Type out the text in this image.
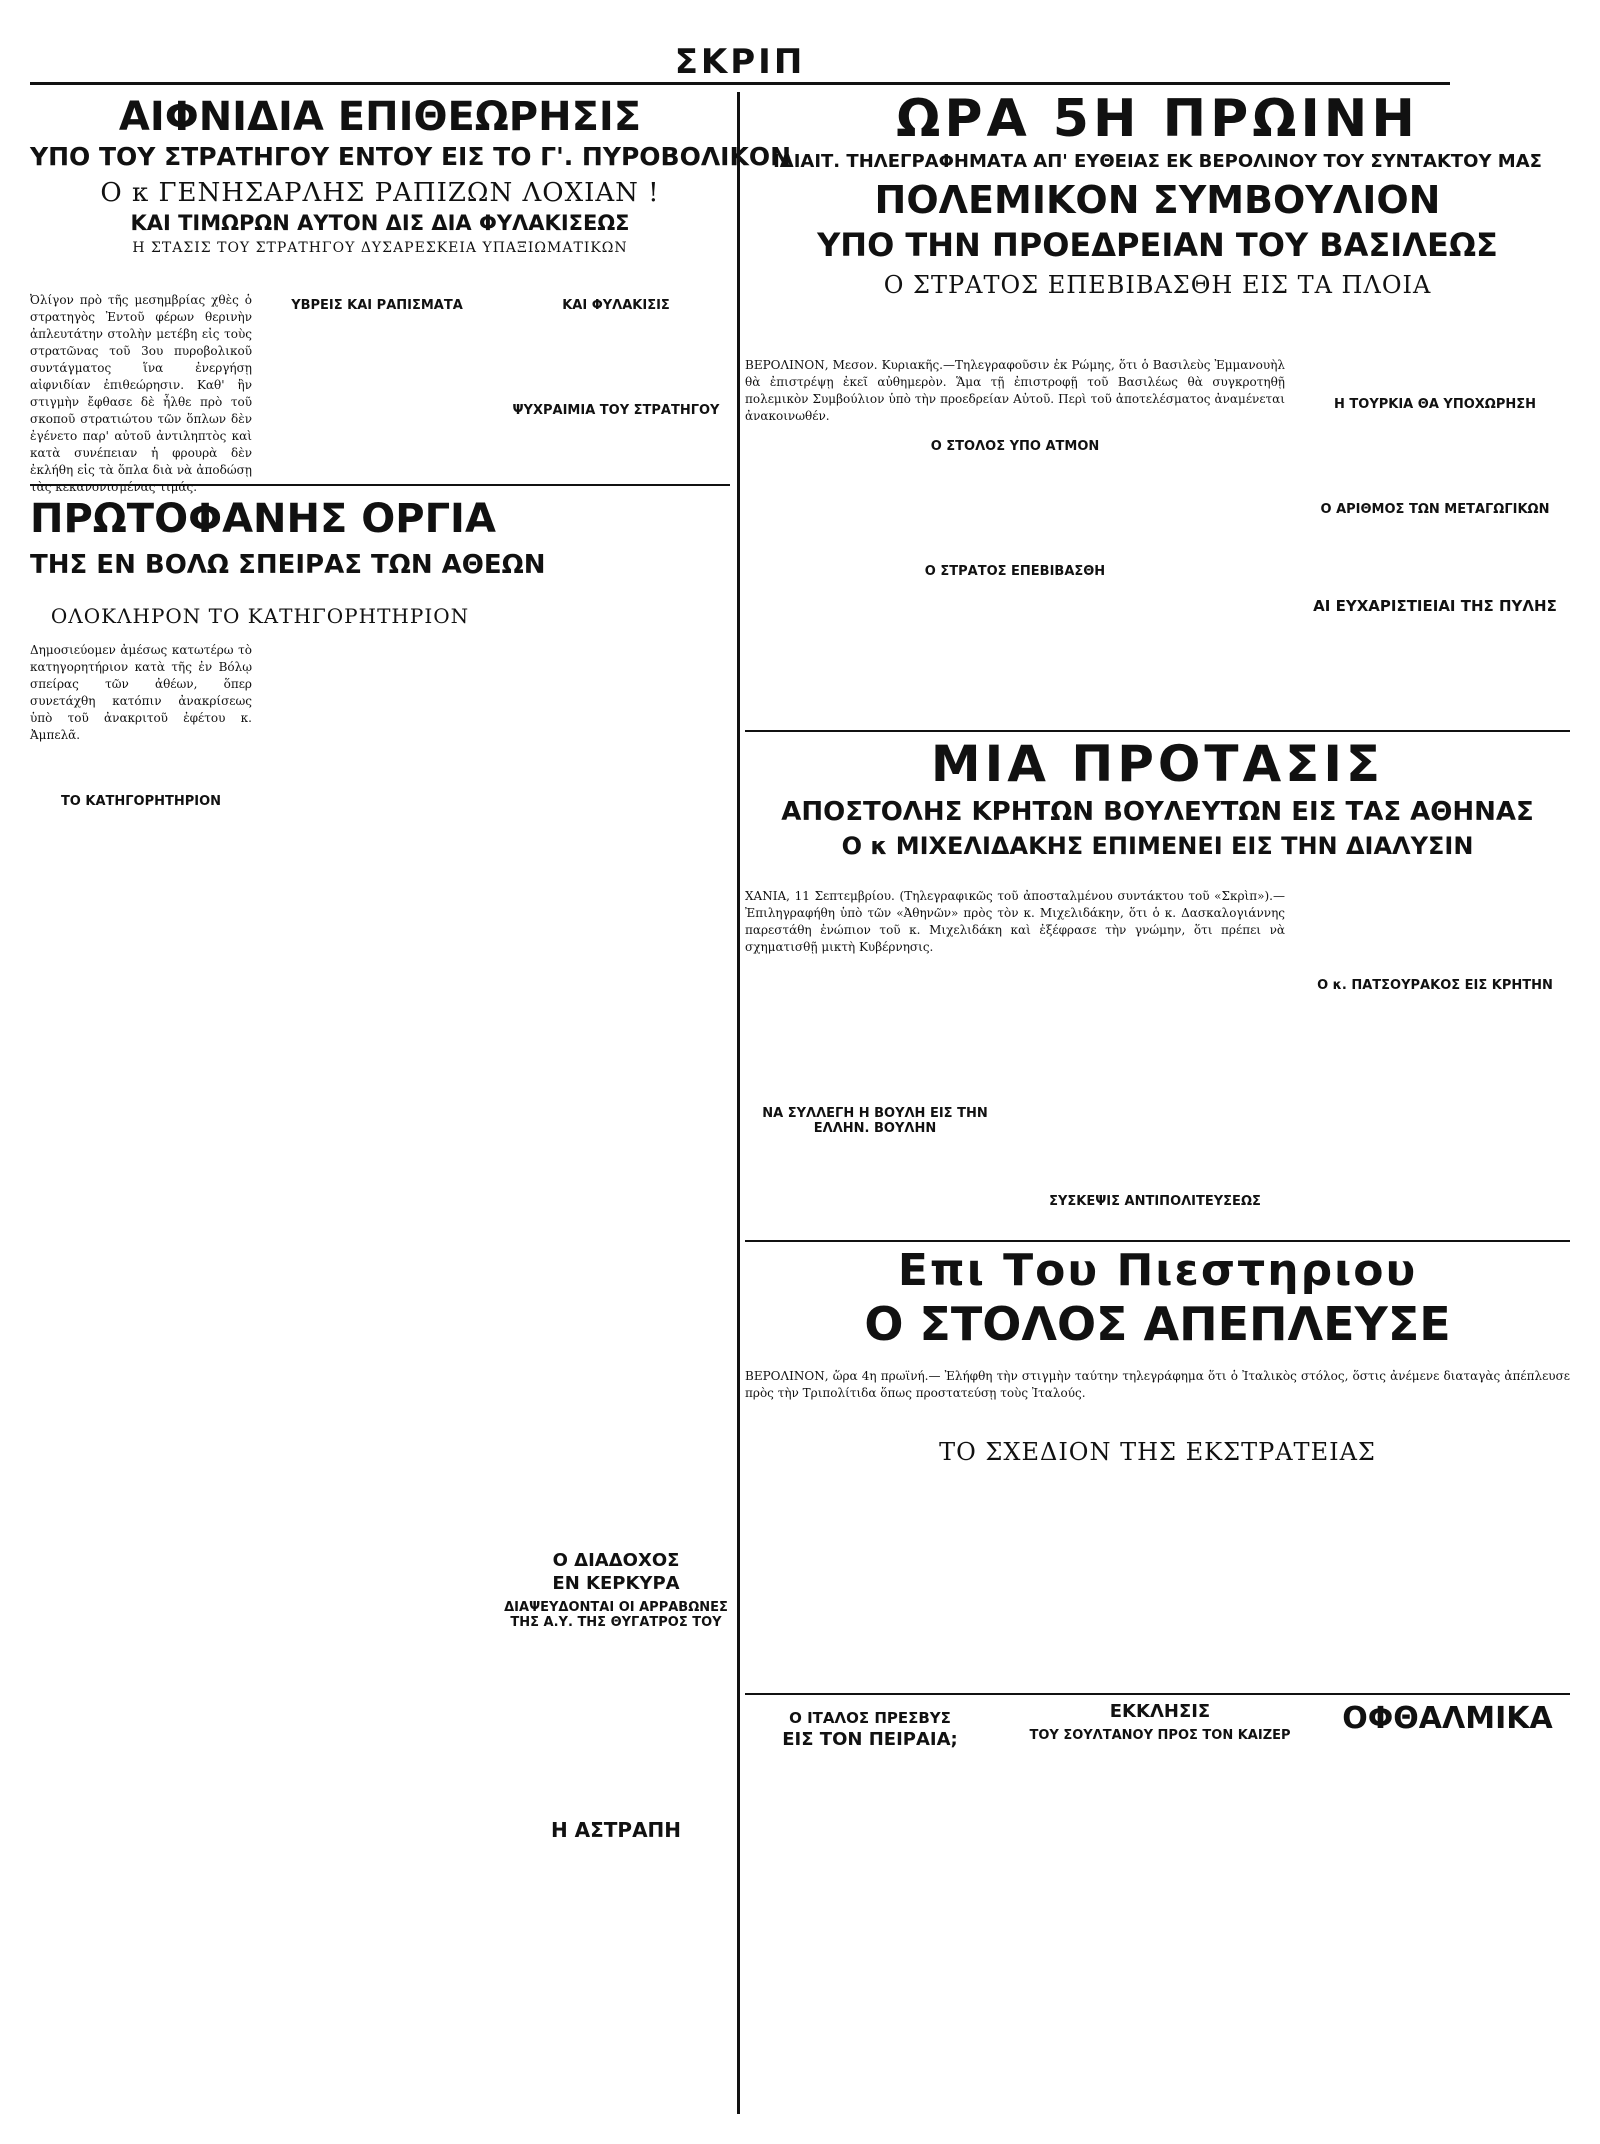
ΣΚΡΙΠ
ΑΙΦΝΙΔΙΑ ΕΠΙΘΕΩΡΗΣΙΣ
ΥΠΟ ΤΟΥ ΣΤΡΑΤΗΓΟΥ ΕΝΤΟΥ ΕΙΣ ΤΟ Γ'. ΠΥΡΟΒΟΛΙΚΟΝ
Ο κ ΓΕΝΗΣΑΡΛΗΣ ΡΑΠΙΖΩΝ ΛΟΧΙΑΝ !
ΚΑΙ ΤΙΜΩΡΩΝ ΑΥΤΟΝ ΔΙΣ ΔΙΑ ΦΥΛΑΚΙΣΕΩΣ
Η ΣΤΑΣΙΣ ΤΟΥ ΣΤΡΑΤΗΓΟΥ ΔΥΣΑΡΕΣΚΕΙΑ ΥΠΑΞΙΩΜΑΤΙΚΩΝ

Ὀλίγον πρὸ τῆς μεσημβρίας χθὲς ὁ στρατηγὸς Ἐντοῦ φέρων θερινὴν ἀπλευτάτην στολὴν μετέβη εἰς τοὺς στρατῶνας τοῦ 3ου πυροβολικοῦ συντάγματος ἵνα ἐνεργήσῃ αἰφνιδίαν ἐπιθεώρησιν. Καθ' ἣν στιγμὴν ἔφθασε δὲ ἦλθε πρὸ τοῦ σκοποῦ στρατιώτου τῶν ὅπλων δὲν ἐγένετο παρ' αὐτοῦ ἀντιληπτὸς καὶ κατὰ συνέπειαν ἡ φρουρὰ δὲν ἐκλήθη εἰς τὰ ὅπλα διὰ νὰ ἀποδώσῃ τὰς κεκανονισμένας τιμάς.

ΥΒΡΕΙΣ ΚΑΙ ΡΑΠΙΣΜΑΤΑ
	ΚΑΙ ΦΥΛΑΚΙΣΙΣ
ΨΥΧΡΑΙΜΙΑ ΤΟΥ ΣΤΡΑΤΗΓΟΥ
ΠΡΩΤΟΦΑΝΗΣ ΟΡΓΙΑ
ΤΗΣ ΕΝ ΒΟΛΩ ΣΠΕΙΡΑΣ ΤΩΝ ΑΘΕΩΝ
ΟΛΟΚΛΗΡΟΝ ΤΟ ΚΑΤΗΓΟΡΗΤΗΡΙΟΝ

Δημοσιεύομεν ἀμέσως κατωτέρω τὸ κατηγορητήριον κατὰ τῆς ἐν Βόλῳ σπείρας τῶν ἀθέων, ὅπερ συνετάχθη κατόπιν ἀνακρίσεως ὑπὸ τοῦ ἀνακριτοῦ ἐφέτου κ. Ἀμπελᾶ.

ΤΟ ΚΑΤΗΓΟΡΗΤΗΡΙΟΝ
Ο ΔΙΑΔΟΧΟΣ
ΕΝ ΚΕΡΚΥΡΑ
ΔΙΑΨΕΥΔΟΝΤΑΙ ΟΙ ΑΡΡΑΒΩΝΕΣ ΤΗΣ Α.Υ. ΤΗΣ ΘΥΓΑΤΡΟΣ ΤΟΥ
Η ΑΣΤΡΑΠΗ
ΩΡΑ 5Η ΠΡΩΙΝΗ
ΙΔΙΑΙΤ. ΤΗΛΕΓΡΑΦΗΜΑΤΑ ΑΠ' ΕΥΘΕΙΑΣ ΕΚ ΒΕΡΟΛΙΝΟΥ ΤΟΥ ΣΥΝΤΑΚΤΟΥ ΜΑΣ
ΠΟΛΕΜΙΚΟΝ ΣΥΜΒΟΥΛΙΟΝ
ΥΠΟ ΤΗΝ ΠΡΟΕΔΡΕΙΑΝ ΤΟΥ ΒΑΣΙΛΕΩΣ
Ο ΣΤΡΑΤΟΣ ΕΠΕΒΙΒΑΣΘΗ ΕΙΣ ΤΑ ΠΛΟΙΑ

ΒΕΡΟΛΙΝΟΝ, Μεσον. Κυριακῆς.—Τηλεγραφοῦσιν ἐκ Ρώμης, ὅτι ὁ Βασιλεὺς Ἐμμανουὴλ θὰ ἐπιστρέψῃ ἐκεῖ αὐθημερὸν. Ἅμα τῇ ἐπιστροφῇ τοῦ Βασιλέως θὰ συγκροτηθῇ πολεμικὸν Συμβούλιον ὑπὸ τὴν προεδρείαν Αὐτοῦ. Περὶ τοῦ ἀποτελέσματος ἀναμένεται ἀνακοινωθέν.

Ο ΣΤΟΛΟΣ ΥΠΟ ΑΤΜΟΝ
Ο ΣΤΡΑΤΟΣ ΕΠΕΒΙΒΑΣΘΗ
Η ΤΟΥΡΚΙΑ ΘΑ ΥΠΟΧΩΡΗΣΗ
Ο ΑΡΙΘΜΟΣ ΤΩΝ ΜΕΤΑΓΩΓΙΚΩΝ
ΑΙ ΕΥΧΑΡΙΣΤΙΕΙΑΙ ΤΗΣ ΠΥΛΗΣ
ΜΙΑ ΠΡΟΤΑΣΙΣ
ΑΠΟΣΤΟΛΗΣ ΚΡΗΤΩΝ ΒΟΥΛΕΥΤΩΝ ΕΙΣ ΤΑΣ ΑΘΗΝΑΣ
Ο κ ΜΙΧΕΛΙΔΑΚΗΣ ΕΠΙΜΕΝΕΙ ΕΙΣ ΤΗΝ ΔΙΑΛΥΣΙΝ

ΧΑΝΙΑ, 11 Σεπτεμβρίου. (Τηλεγραφικῶς τοῦ ἀποσταλμένου συντάκτου τοῦ «Σκρὶπ»).—Ἐπιληγραφήθη ὑπὸ τῶν «Ἀθηνῶν» πρὸς τὸν κ. Μιχελιδάκην, ὅτι ὁ κ. Δασκαλογιάννης παρεστάθη ἐνώπιον τοῦ κ. Μιχελιδάκη καὶ ἐξέφρασε τὴν γνώμην, ὅτι πρέπει νὰ σχηματισθῇ μικτὴ Κυβέρνησις.

ΝΑ ΣΥΛΛΕΓΗ Η ΒΟΥΛΗ ΕΙΣ ΤΗΝ ΕΛΛΗΝ. ΒΟΥΛΗΝ
Ο κ. ΠΑΤΣΟΥΡΑΚΟΣ ΕΙΣ ΚΡΗΤΗΝ
ΣΥΣΚΕΨΙΣ ΑΝΤΙΠΟΛΙΤΕΥΣΕΩΣ
Επι Του Πιεστηριου
Ο ΣΤΟΛΟΣ ΑΠΕΠΛΕΥΣΕ

ΒΕΡΟΛΙΝΟΝ, ὥρα 4η πρωϊνή.— Ἐλήφθη τὴν στιγμὴν ταύτην τηλεγράφημα ὅτι ὁ Ἰταλικὸς στόλος, ὅστις ἀνέμενε διαταγὰς ἀπέπλευσε πρὸς τὴν Τριπολίτιδα ὅπως προστατεύσῃ τοὺς Ἰταλούς.

ΤΟ ΣΧΕΔΙΟΝ ΤΗΣ ΕΚΣΤΡΑΤΕΙΑΣ
Ο ΙΤΑΛΟΣ ΠΡΕΣΒΥΣ
ΕΙΣ ΤΟΝ ΠΕΙΡΑΙΑ;
ΕΚΚΛΗΣΙΣ
ΤΟΥ ΣΟΥΛΤΑΝΟΥ ΠΡΟΣ ΤΟΝ ΚΑΙΖΕΡ	ΟΦΘΑΛΜΙΚΑ
